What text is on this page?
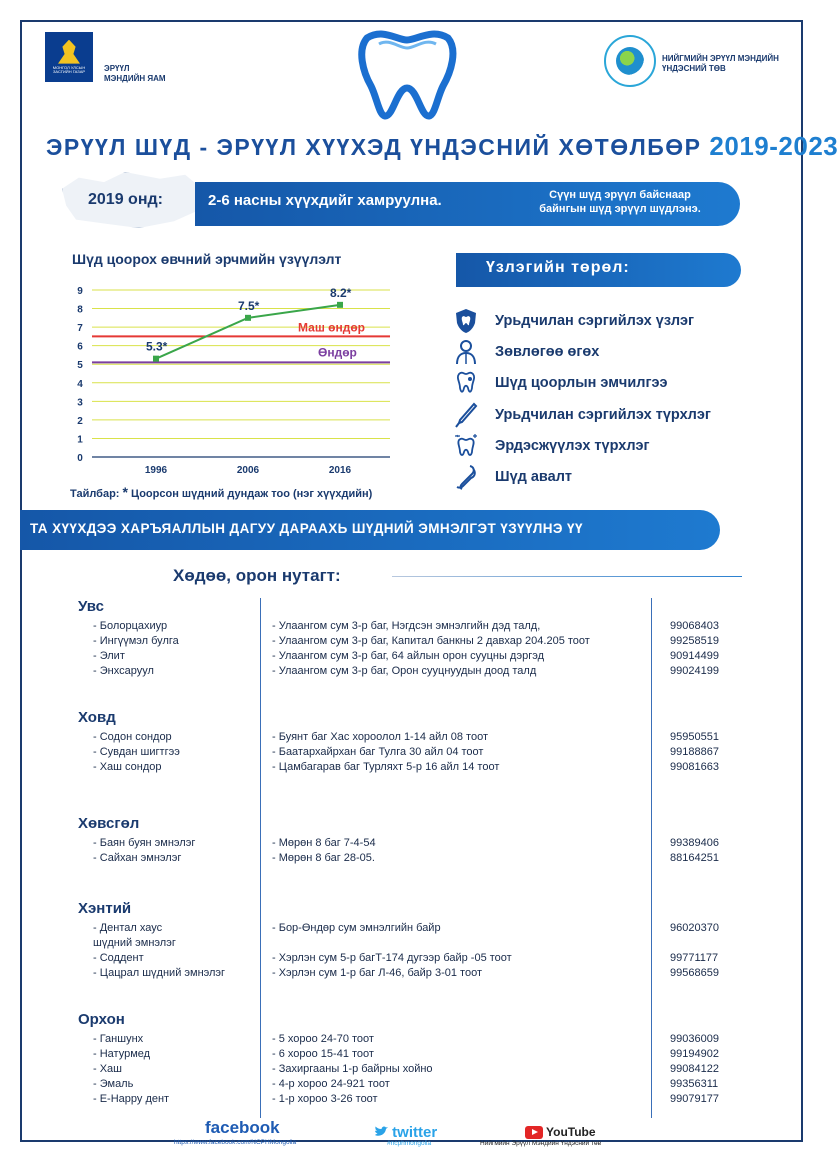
МОНГОЛ УЛСЫН ЗАСГИЙН ГАЗАР	ЭРҮҮЛ
МЭНДИЙН ЯАМ
НИЙГМИЙН ЭРҮҮЛ МЭНДИЙН
ҮНДЭСНИЙ ТӨВ
ЭРҮҮЛ ШҮД - ЭРҮҮЛ ХҮҮХЭД ҮНДЭСНИЙ ХӨТӨЛБӨР 2019-2023
2019 онд:	2-6 насны хүүхдийг хамруулна.	Сүүн шүд эрүүл байснаар
байнгын шүд эрүүл шүдлэнэ.
Шүд цоорох өвчний эрчмийн үзүүлэлт
0
1
2
3
4
5
6
7
8
9
Маш өндөр
Өндөр
5.3*
7.5*
8.2*
1996	2006	2016
Тайлбар: * Цоорсон шүдний дундаж тоо (нэг хүүхдийн)
Үзлэгийн төрөл:
Урьдчилан сэргийлэх үзлэг
Зөвлөгөө өгөх
Шүд цоорлын эмчилгээ
Урьдчилан сэргийлэх түрхлэг
Эрдэсжүүлэх түрхлэг
Шүд авалт
ТА ХҮҮХДЭЭ ХАРЪЯАЛЛЫН ДАГУУ ДАРААХЬ ШҮДНИЙ ЭМНЭЛГЭТ ҮЗҮҮЛНЭ ҮҮ
Хөдөө, орон нутагт:
Увс
- Болорцахиур	- Улаангом сум 3-р баг, Нэгдсэн эмнэлгийн дэд талд,	99068403
- Ингүүмэл булга	- Улаангом сум 3-р баг, Капитал банкны 2 давхар 204.205 тоот	99258519
- Элит	- Улаангом сум 3-р баг, 64 айлын орон сууцны дэргэд	90914499
- Энхсаруул	- Улаангом сум 3-р баг, Орон сууцнуудын доод талд	99024199
Ховд
- Содон сондор	- Буянт баг Хас хороолол 1-14 айл 08 тоот	95950551
- Сувдан шигтгээ	- Баатархайрхан баг Тулга 30 айл 04 тоот	99188867
- Хаш сондор	- Цамбагарав баг Турляхт 5-р 16 айл 14 тоот	99081663
Хөвсгөл
- Баян буян эмнэлэг	- Мөрөн 8 баг 7-4-54	99389406
- Сайхан эмнэлэг	- Мөрөн 8 баг 28-05.	88164251
Хэнтий
- Дентал хаус	- Бор-Өндөр сум эмнэлгийн байр	96020370
шүдний эмнэлэг
- Соддент	- Хэрлэн сум 5-р багТ-174 дугээр байр -05 тоот	99771177
- Цацрал шүдний эмнэлэг	- Хэрлэн сум 1-р баг Л-46, байр 3-01 тоот	99568659
Орхон
- Ганшунх	- 5 хороо 24-70 тоот	99036009
- Натурмед	- 6 хороо 15-41 тоот	99194902
- Хаш	- Захиргааны 1-р байрны хойно	99084122
- Эмаль	- 4-р хороо 24-921 тоот	99356311
- Е-Нарру дент	- 1-р хороо 3-26 тоот	99079177
facebook
https://www.facebook.com/NCPHMongolia
twitter
#ncphmongolia
YouTube
Нийгмийн Эрүүл Мэндийн Үндэсний төв
